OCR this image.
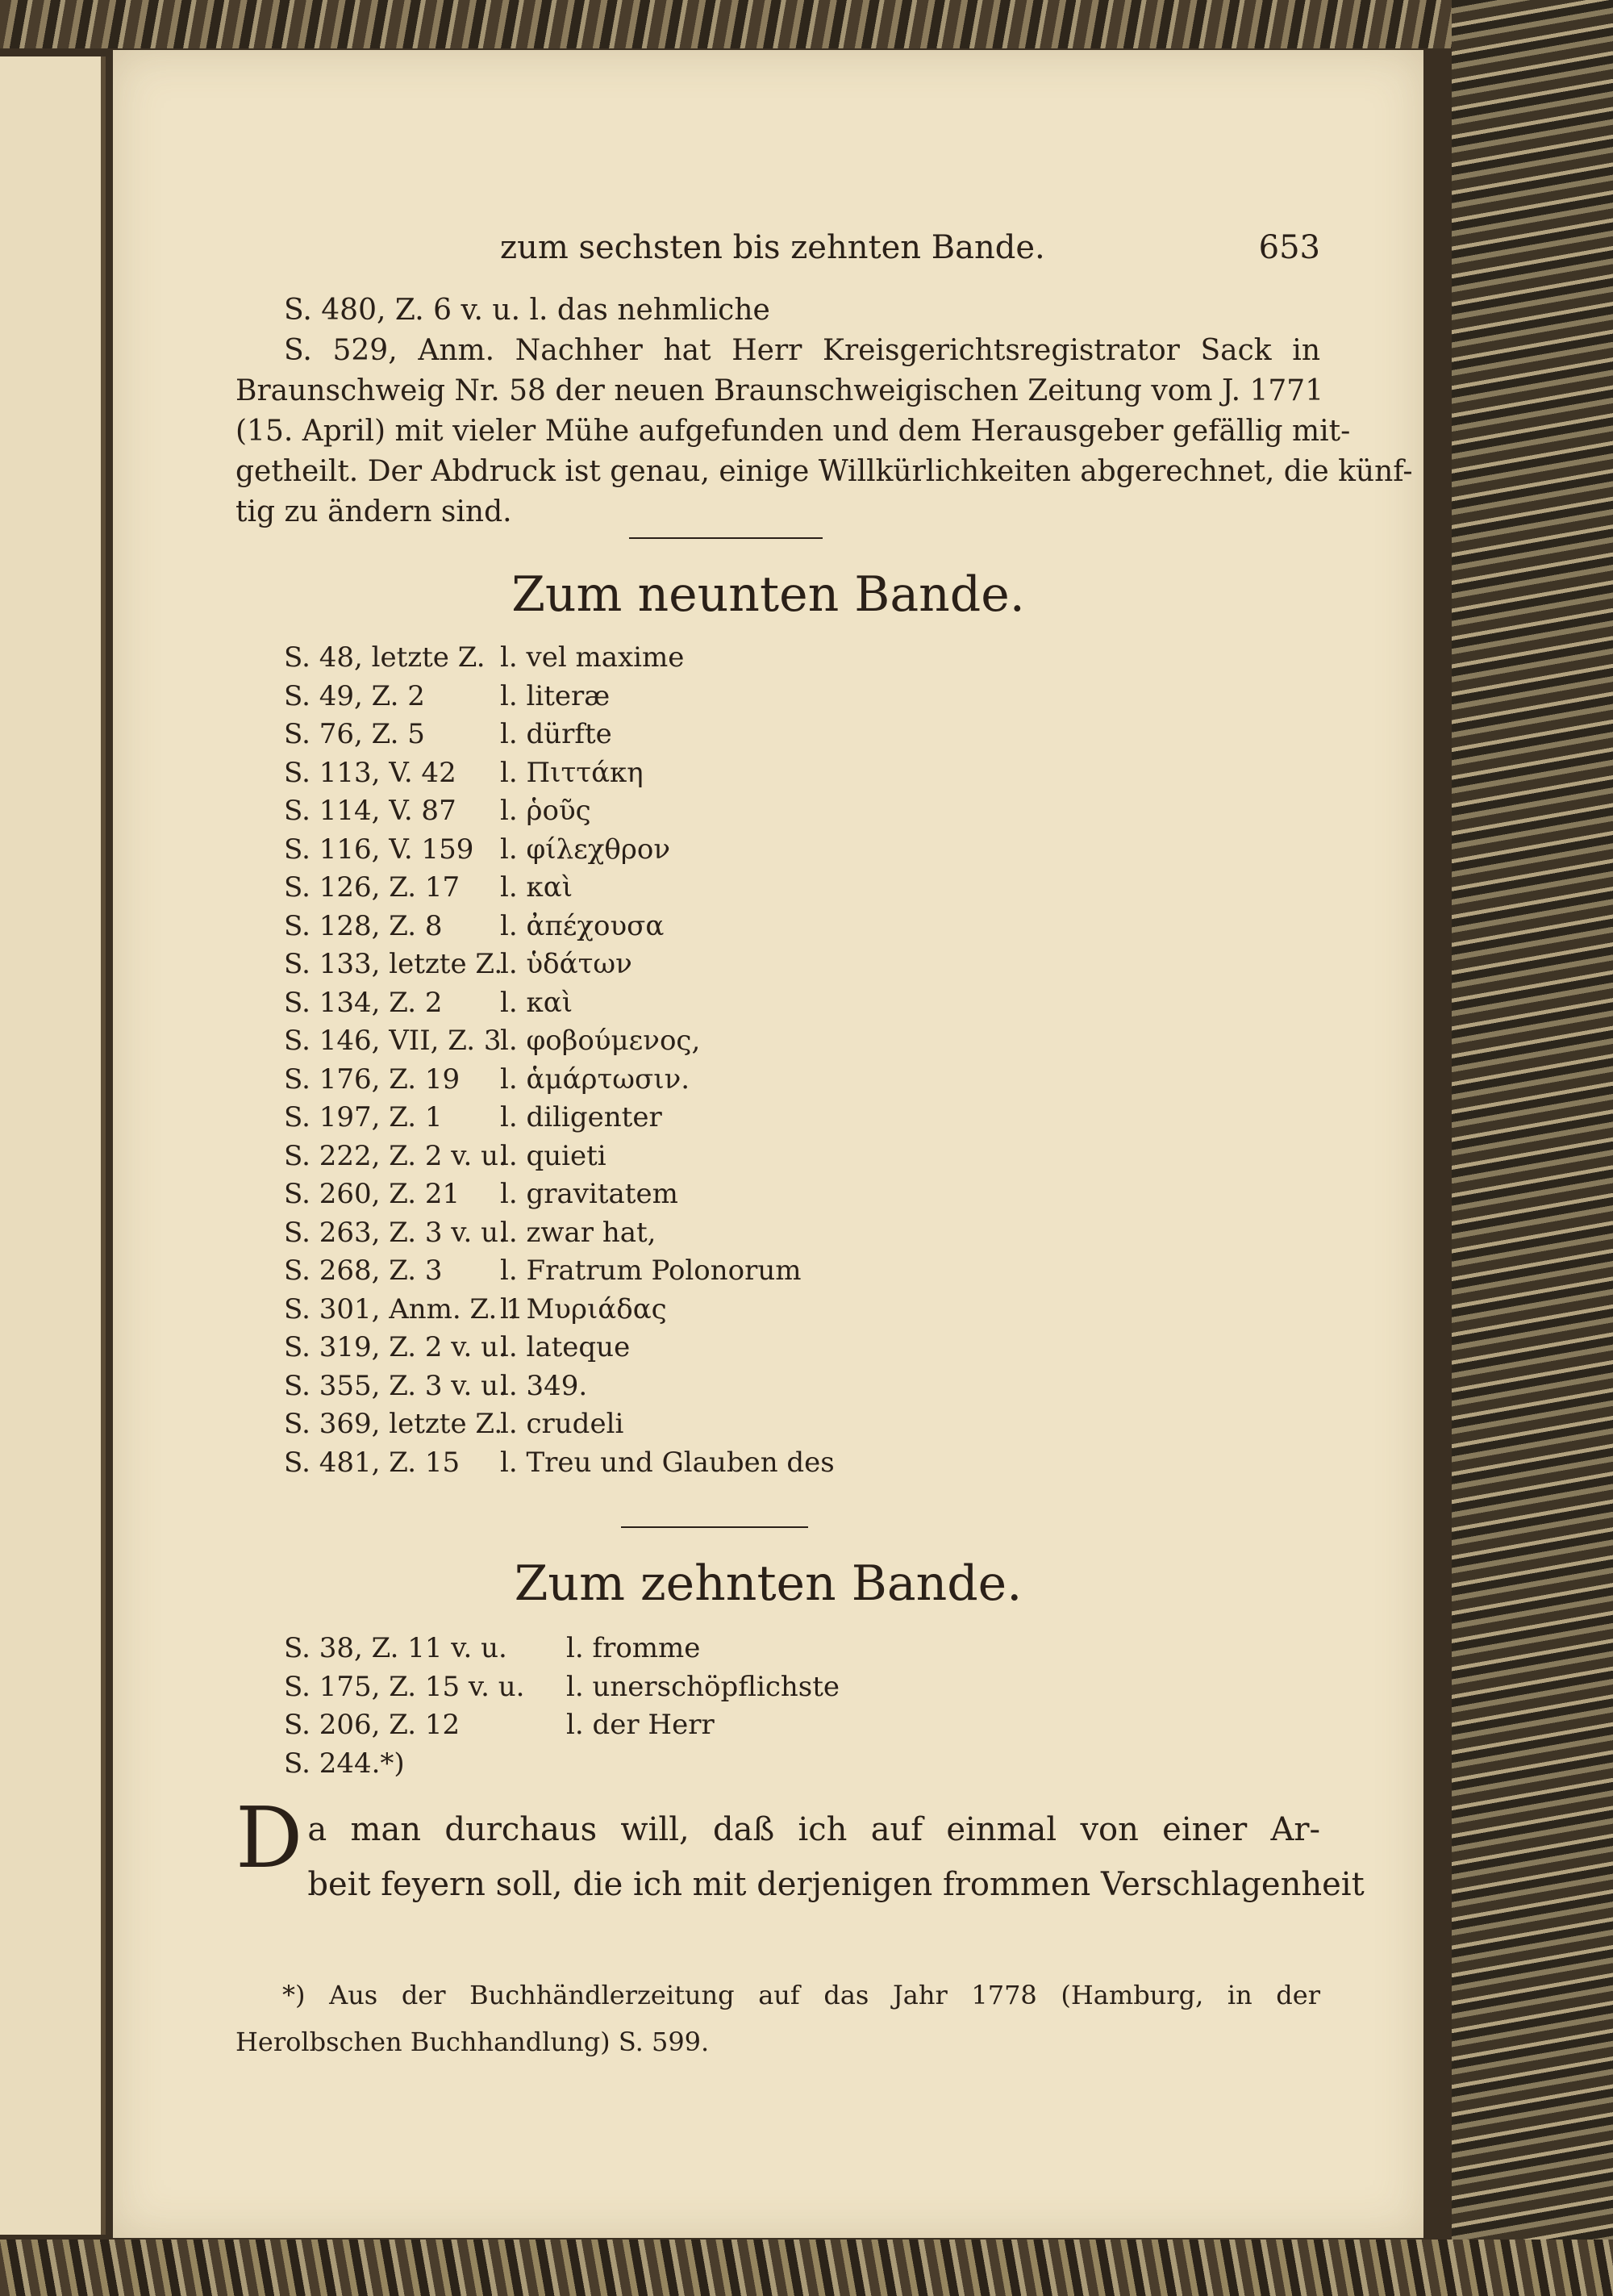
zum sechsten bis zehnten Bande.	653
S. 480, Z. 6 v. u. l. das nehmliche
S. 529, Anm. Nachher hat Herr Kreisgerichtsregistrator Sack in
Braunschweig Nr. 58 der neuen Braunschweigischen Zeitung vom J. 1771
(15. April) mit vieler Mühe aufgefunden und dem Herausgeber gefällig mit-
getheilt. Der Abdruck ist genau, einige Willkürlichkeiten abgerechnet, die künf-
tig zu ändern sind.
Zum neunten Bande.
S. 48, letzte Z. l. vel maxime
S. 49, Z. 2	l. literæ
S. 76, Z. 5	l. dürfte
S. 113, V. 42 l. Πιττάκη
S. 114, V. 87 l. ῥοῦς
S. 116, V. 159 l. φίλεχθρον
S. 126, Z. 17 l. καὶ
S. 128, Z. 8 l. ἀπέχουσα
S. 133, letzte Z.l. ὑδάτων
S. 134, Z. 2 l. καὶ
S. 146, VII, Z. 3l. φοβούμενος,
S. 176, Z. 19 l. ἁμάρτωσιν.
S. 197, Z. 1 l. diligenter
S. 222, Z. 2 v. u.l. quieti
S. 260, Z. 21 l. gravitatem
S. 263, Z. 3 v. u.l. zwar hat,
S. 268, Z. 3 l. Fratrum Polonorum
S. 301, Anm. Z. 1l. Μυριάδας
S. 319, Z. 2 v. u.l. lateque
S. 355, Z. 3 v. u.l. 349.
S. 369, letzte Z.l. crudeli
S. 481, Z. 15 l. Treu und Glauben des
Zum zehnten Bande.
S. 38, Z. 11 v. u. l. fromme
S. 175, Z. 15 v. u. l. unerschöpflichste
S. 206, Z. 12	l. der Herr
S. 244.*)
D a man durchaus will, daß ich auf einmal von einer Ar-
beit feyern soll, die ich mit derjenigen frommen Verschlagenheit
*) Aus der Buchhändlerzeitung auf das Jahr 1778 (Hamburg, in der
Herolbschen Buchhandlung) S. 599.
